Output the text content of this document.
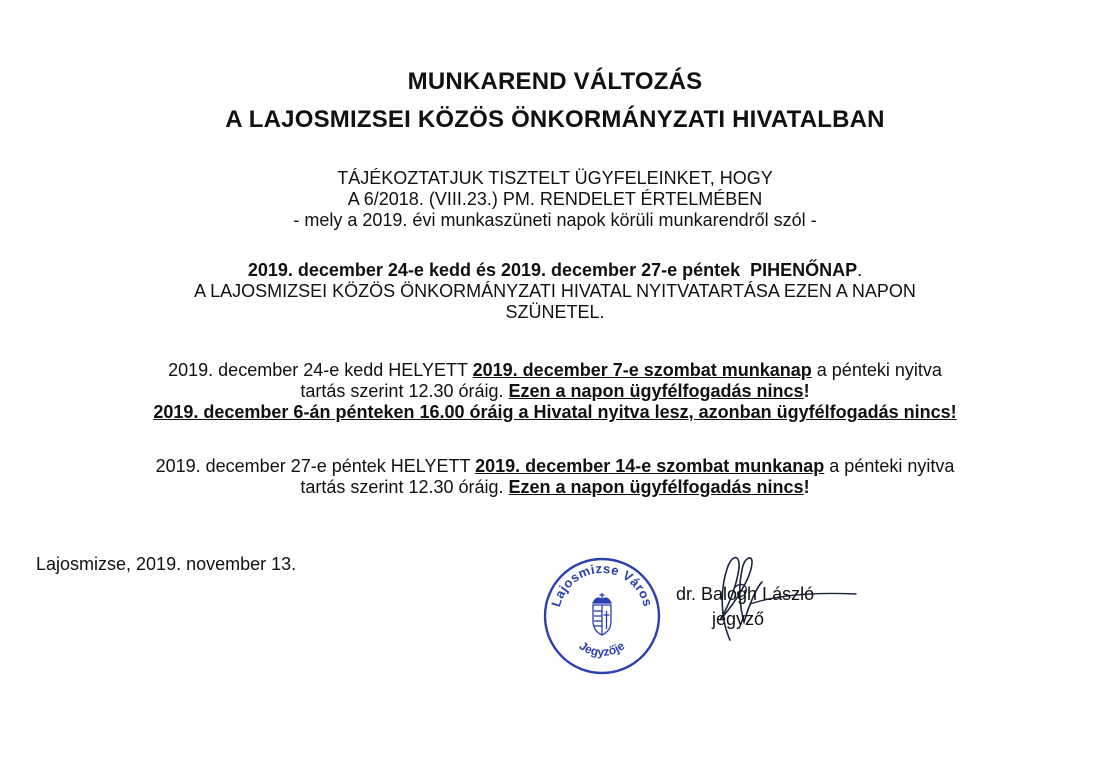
MUNKAREND VÁLTOZÁS
A LAJOSMIZSEI KÖZÖS ÖNKORMÁNYZATI HIVATALBAN
TÁJÉKOZTATJUK TISZTELT ÜGYFELEINKET, HOGY
A 6/2018. (VIII.23.) PM. RENDELET ÉRTELMÉBEN
- mely a 2019. évi munkaszüneti napok körüli munkarendről szól -
2019. december 24-e kedd és 2019. december 27-e péntek PIHENŐNAP.
A LAJOSMIZSEI KÖZÖS ÖNKORMÁNYZATI HIVATAL NYITVATARTÁSA EZEN A NAPON
SZÜNETEL.
2019. december 24-e kedd HELYETT 2019. december 7-e szombat munkanap a pénteki nyitva
tartás szerint 12.30 óráig. Ezen a napon ügyfélfogadás nincs!
2019. december 6-án pénteken 16.00 óráig a Hivatal nyitva lesz, azonban ügyfélfogadás nincs!
2019. december 27-e péntek HELYETT 2019. december 14-e szombat munkanap a pénteki nyitva
tartás szerint 12.30 óráig. Ezen a napon ügyfélfogadás nincs!
Lajosmizse, 2019. november 13.
Lajosmizse Város
Jegyzője
dr. Balogh László
jegyző
